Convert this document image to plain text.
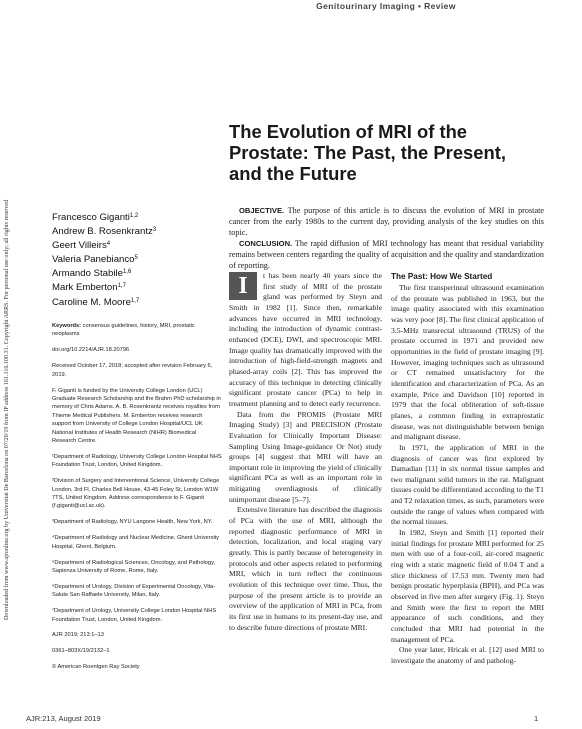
Downloaded from www.ajronline.org by Universitat De Barcelona on 07/20/19 from IP address 161.116.100.31. Copyright ARRS. For personal use only; all rights reserved
Genitourinary Imaging • Review
The Evolution of MRI of the Prostate: The Past, the Present, and the Future
Francesco Giganti$^{1,2}$
Andrew B. Rosenkrantz$^3$
Geert Villeirs$^4$
Valeria Panebianco$^5$
Armando Stabile$^{1,6}$
Mark Emberton$^{1,7}$
Caroline M. Moore$^{1,7}$

OBJECTIVE. The purpose of this article is to discuss the evolution of MRI in prostate cancer from the early 1980s to the current day, providing analysis of the key studies on this topic.

CONCLUSION. The rapid diffusion of MRI technology has meant that residual variability remains between centers regarding the quality of acquisition and the quality and standardization of reporting.

Keywords: consensus guidelines, history, MRI, prostatic neoplasms

doi.org/10.2214/AJR.18.20796

Received October 17, 2018; accepted after revision February 6, 2019.

F. Giganti is funded by the University College London (UCL) Graduate Research Scholarship and the Brahm PhD scholarship in memory of Chris Adams. A. B. Rosenkrantz receives royalties from Thieme Medical Publishers. M. Emberton receives research support from University of College London Hospital/UCL UK National Institutes of Health Research (NIHR) Biomedical Research Centre.

¹Department of Radiology, University College London Hospital NHS Foundation Trust, London, United Kingdom.

²Division of Surgery and Interventional Science, University College London, 3rd Fl, Charles Bell House, 43-45 Foley St, London W1W 7TS, United Kingdom. Address correspondence to F. Giganti (f.giganti@ucl.ac.uk).

³Department of Radiology, NYU Langone Health, New York, NY.

⁴Department of Radiology and Nuclear Medicine, Ghent University Hospital, Ghent, Belgium.

⁵Department of Radiological Sciences, Oncology, and Pathology, Sapienza University of Rome, Rome, Italy.

⁶Department of Urology, Division of Experimental Oncology, Vita-Salute San Raffaele University, Milan, Italy.

⁷Department of Urology, University College London Hospital NHS Foundation Trust, London, United Kingdom.

AJR 2019; 213:1–13

0361–803X/19/2132–1

© American Roentgen Ray Society

I	t has been nearly 40 years since the first study of MRI of the prostate gland was performed by Steyn and Smith in 1982 [1]. Since then, remarkable advances have occurred in MRI technology, including the introduction of dynamic contrast-enhanced (DCE), DWI, and spectroscopic MRI. Image quality has dramatically improved with the introduction of high-field-strength magnets and phased-array coils [2]. This has improved the accuracy of this technique in detecting clinically significant prostate cancer (PCa) to help in treatment planning and to detect early recurrence.

Data from the PROMIS (Prostate MRI Imaging Study) [3] and PRECISION (Prostate Evaluation for Clinically Important Disease: Sampling Using Image-guidance Or Not) study groups [4] suggest that MRI will have an important role in improving the yield of clinically significant PCa as well as an important role in mitigating overdiagnosis of clinically unimportant disease [5–7].

Extensive literature has described the diagnosis of PCa with the use of MRI, although the reported diagnostic performance of MRI in detection, localization, and local staging vary greatly. This is partly because of heterogeneity in protocols and other aspects related to performing MRI, which in turn reflect the continuous evolution of this technique over time. Thus, the purpose of the present article is to provide an overview of the application of MRI in PCa, from its first use in humans to its present-day use, and to describe future directions of prostate MRI.

The Past: How We Started

The first transperineal ultrasound examination of the prostate was published in 1963, but the image quality associated with this examination was very poor [8]. The first clinical application of 3.5-MHz transrectal ultrasound (TRUS) of the prostate occurred in 1971 and provided new opportunities in the field of prostate imaging [9]. However, imaging techniques such as ultrasound or CT remained unsatisfactory for the identification and characterization of PCa. As an example, Price and Davidson [10] reported in 1979 that the focal obliteration of soft-tissue planes, a common finding in extraprostatic disease, was not distinguishable between benign and malignant disease.

In 1971, the application of MRI in the diagnosis of cancer was first explored by Damadian [11] in six normal tissue samples and two malignant solid tumors in the rat. Malignant tissues could be differentiated according to the T1 and T2 relaxation times, as such, parameters were outside the range of values when compared with the normal tissues.

In 1982, Steyn and Smith [1] reported their initial findings for prostate MRI performed for 25 men with use of a four-coil, air-cored magnetic ring with a static magnetic field of 0.04 T and a slice thickness of 17.53 mm. Twenty men had benign prostatic hyperplasia (BPH), and PCa was observed in five men after surgery (Fig. 1). Steyn and Smith were the first to report the MRI appearance of such conditions, and they concluded that MRI had potential in the management of PCa.

One year later, Hricak et al. [12] used MRI to investigate the anatomy of and patholog-

AJR:213, August 2019	1
